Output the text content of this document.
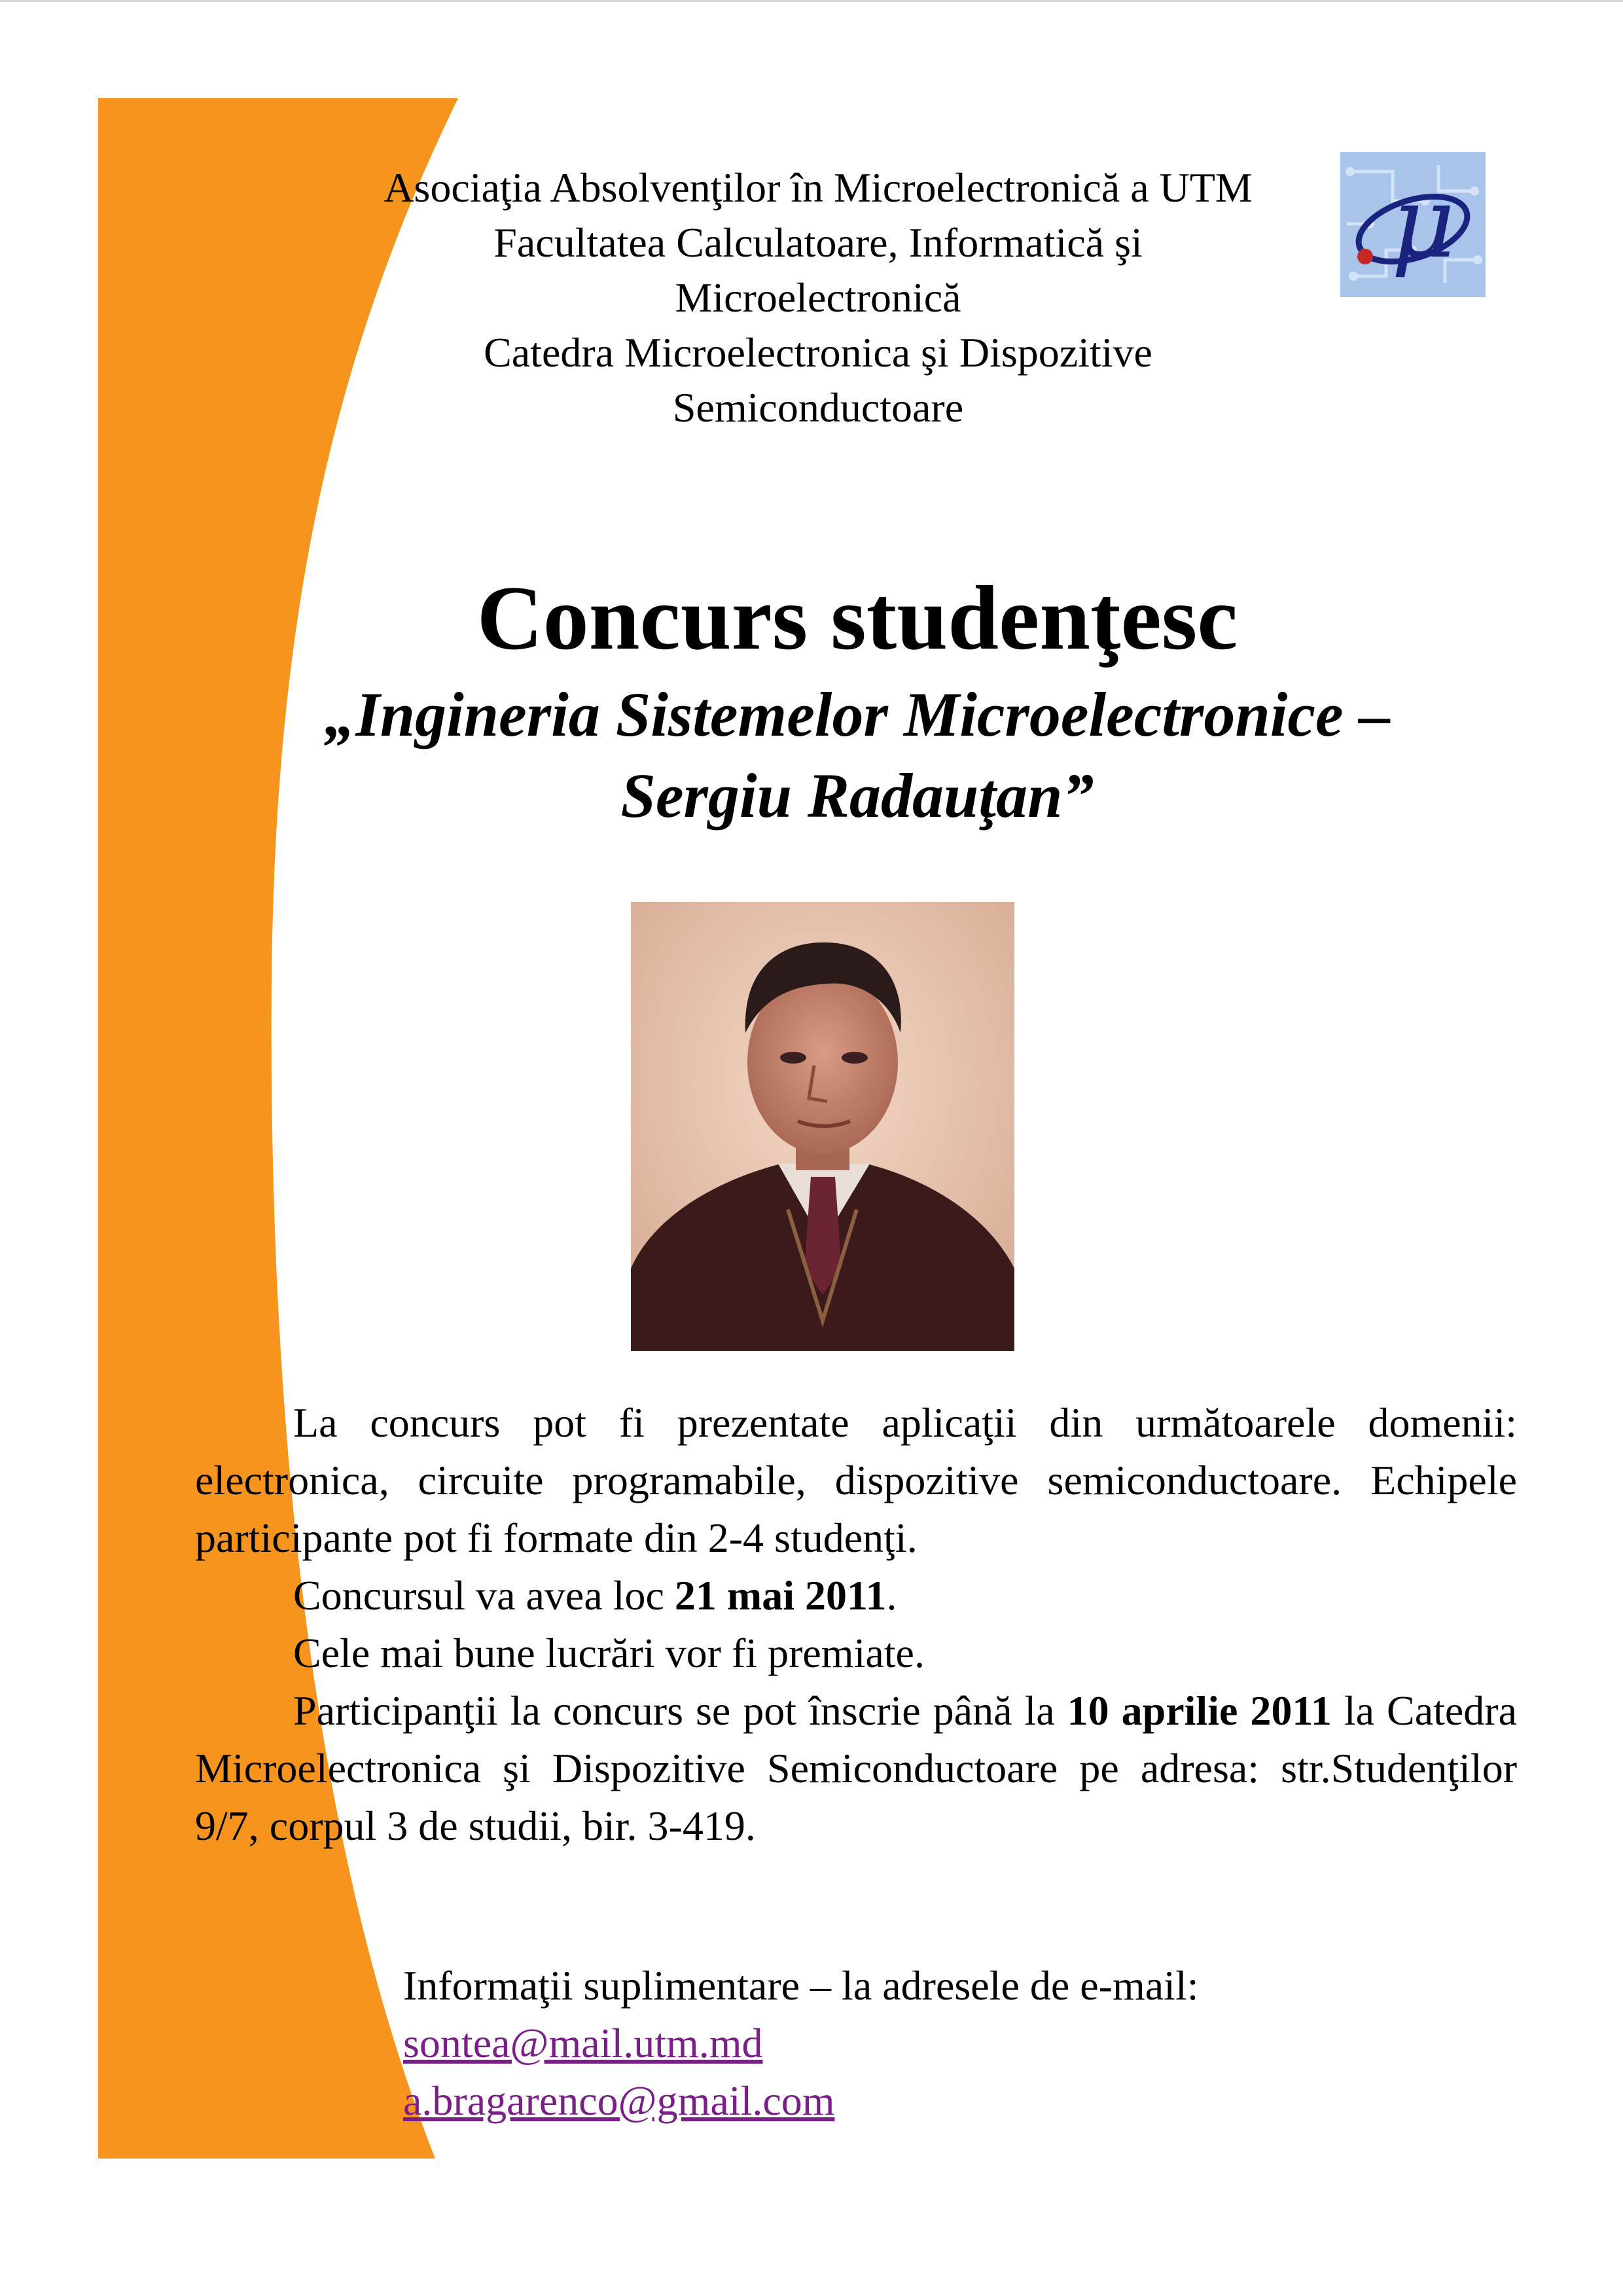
Asociaţia Absolvenţilor în Microelectronică a UTM
Facultatea Calculatoare, Informatică şi
Microelectronică
Catedra Microelectronica şi Dispozitive
Semiconductoare
μ
Concurs studenţesc
„Ingineria Sistemelor Microelectronice –
Sergiu Radauţan”

La concurs pot fi prezentate aplicaţii din următoarele domenii: electronica, circuite programabile, dispozitive semiconductoare. Echipele participante pot fi formate din 2-4 studenţi.

Concursul va avea loc 21 mai 2011.

Cele mai bune lucrări vor fi premiate.

Participanţii la concurs se pot înscrie până la 10 aprilie 2011 la Catedra Microelectronica şi Dispozitive Semiconductoare pe adresa: str.Studenţilor 9/7, corpul 3 de studii, bir. 3-419.

Informaţii suplimentare – la adresele de e-mail:
sontea@mail.utm.md
a.bragarenco@gmail.com
